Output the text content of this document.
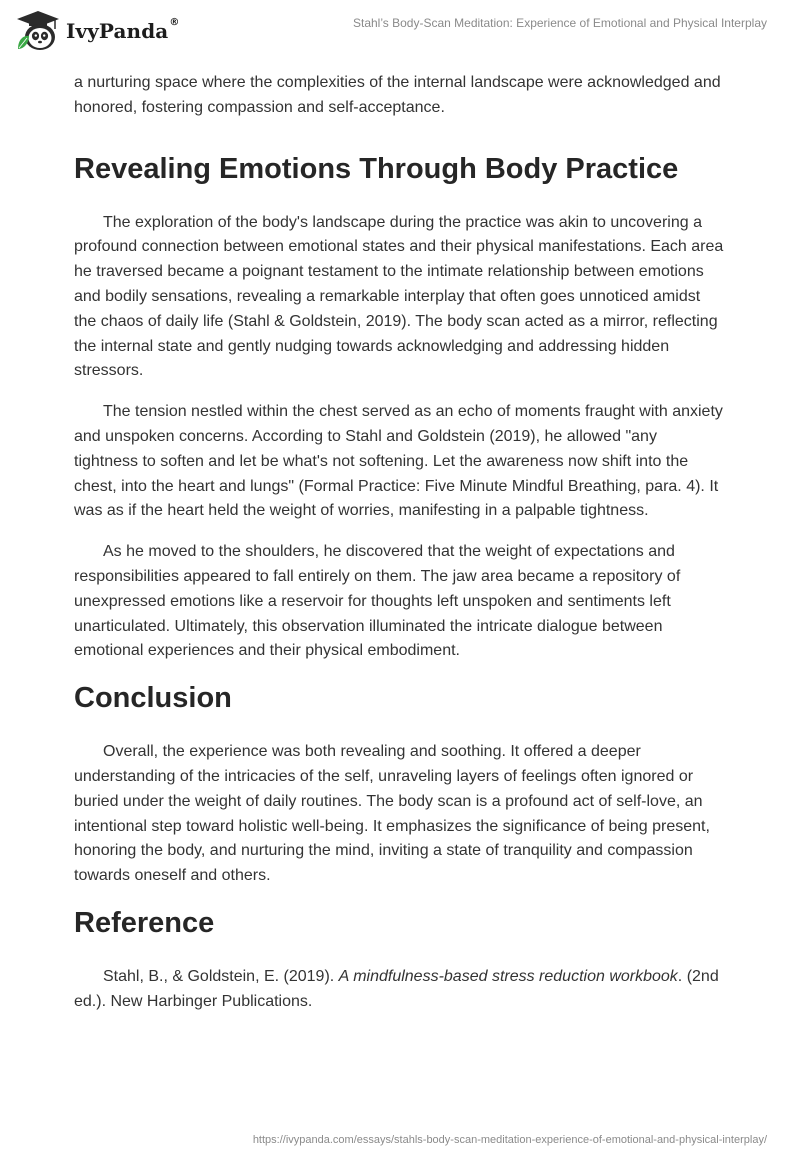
IvyPanda®	Stahl’s Body-Scan Meditation: Experience of Emotional and Physical Interplay

a nurturing space where the complexities of the internal landscape were acknowledged and honored, fostering compassion and self-acceptance.

Revealing Emotions Through Body Practice

The exploration of the body's landscape during the practice was akin to uncovering a profound connection between emotional states and their physical manifestations. Each area he traversed became a poignant testament to the intimate relationship between emotions and bodily sensations, revealing a remarkable interplay that often goes unnoticed amidst the chaos of daily life (Stahl & Goldstein, 2019). The body scan acted as a mirror, reflecting the internal state and gently nudging towards acknowledging and addressing hidden stressors.

The tension nestled within the chest served as an echo of moments fraught with anxiety and unspoken concerns. According to Stahl and Goldstein (2019), he allowed "any tightness to soften and let be what's not softening. Let the awareness now shift into the chest, into the heart and lungs" (Formal Practice: Five Minute Mindful Breathing, para. 4). It was as if the heart held the weight of worries, manifesting in a palpable tightness.

As he moved to the shoulders, he discovered that the weight of expectations and responsibilities appeared to fall entirely on them. The jaw area became a repository of unexpressed emotions like a reservoir for thoughts left unspoken and sentiments left unarticulated. Ultimately, this observation illuminated the intricate dialogue between emotional experiences and their physical embodiment.

Conclusion

Overall, the experience was both revealing and soothing. It offered a deeper understanding of the intricacies of the self, unraveling layers of feelings often ignored or buried under the weight of daily routines. The body scan is a profound act of self-love, an intentional step toward holistic well-being. It emphasizes the significance of being present, honoring the body, and nurturing the mind, inviting a state of tranquility and compassion towards oneself and others.

Reference

Stahl, B., & Goldstein, E. (2019). A mindfulness-based stress reduction workbook. (2nd ed.). New Harbinger Publications.

https://ivypanda.com/essays/stahls-body-scan-meditation-experience-of-emotional-and-physical-interplay/
